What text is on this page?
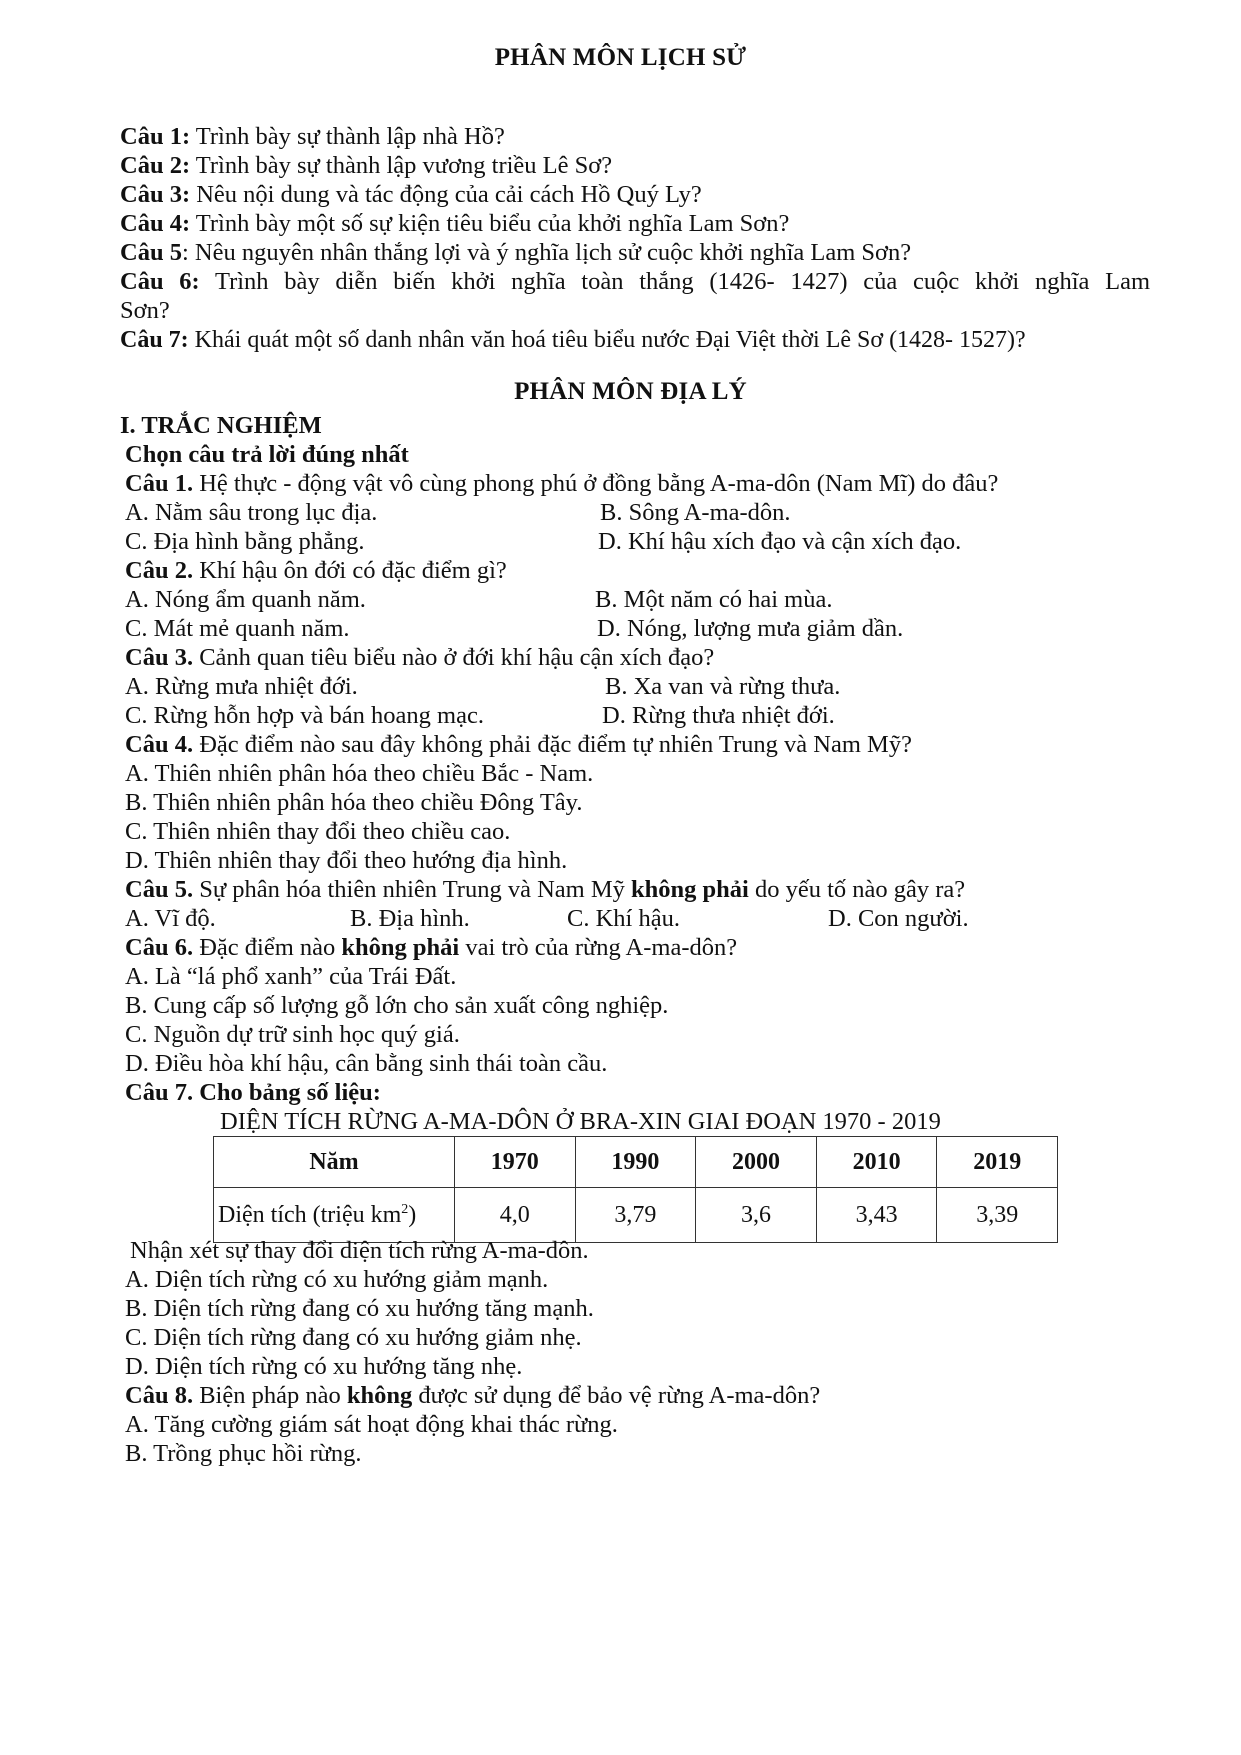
PHÂN MÔN LỊCH SỬ
Câu 1: Trình bày sự thành lập nhà Hồ?
Câu 2: Trình bày sự thành lập vương triều Lê Sơ?
Câu 3: Nêu nội dung và tác động của cải cách Hồ Quý Ly?
Câu 4: Trình bày một số sự kiện tiêu biểu của khởi nghĩa Lam Sơn?
Câu 5: Nêu nguyên nhân thắng lợi và ý nghĩa lịch sử cuộc khởi nghĩa Lam Sơn?
Câu 6: Trình bày diễn biến khởi nghĩa toàn thắng (1426- 1427) của cuộc khởi nghĩa Lam
Sơn?
Câu 7: Khái quát một số danh nhân văn hoá tiêu biểu nước Đại Việt thời Lê Sơ (1428- 1527)?
PHÂN MÔN ĐỊA LÝ
I. TRẮC NGHIỆM
Chọn câu trả lời đúng nhất
Câu 1. Hệ thực - động vật vô cùng phong phú ở đồng bằng A-ma-dôn (Nam Mĩ) do đâu?
A. Nằm sâu trong lục địa.	B. Sông A-ma-dôn.
C. Địa hình bằng phẳng.	D. Khí hậu xích đạo và cận xích đạo.
Câu 2. Khí hậu ôn đới có đặc điểm gì?
A. Nóng ẩm quanh năm.	B. Một năm có hai mùa.
C. Mát mẻ quanh năm.	D. Nóng, lượng mưa giảm dần.
Câu 3. Cảnh quan tiêu biểu nào ở đới khí hậu cận xích đạo?
A. Rừng mưa nhiệt đới.	B. Xa van và rừng thưa.
C. Rừng hỗn hợp và bán hoang mạc.	D. Rừng thưa nhiệt đới.
Câu 4. Đặc điểm nào sau đây không phải đặc điểm tự nhiên Trung và Nam Mỹ?
A. Thiên nhiên phân hóa theo chiều Bắc - Nam.
B. Thiên nhiên phân hóa theo chiều Đông Tây.
C. Thiên nhiên thay đổi theo chiều cao.
D. Thiên nhiên thay đổi theo hướng địa hình.
Câu 5. Sự phân hóa thiên nhiên Trung và Nam Mỹ không phải do yếu tố nào gây ra?
A. Vĩ độ.	B. Địa hình.	C. Khí hậu.	D. Con người.
Câu 6. Đặc điểm nào không phải vai trò của rừng A-ma-dôn?
A. Là “lá phổ xanh” của Trái Đất.
B. Cung cấp số lượng gỗ lớn cho sản xuất công nghiệp.
C. Nguồn dự trữ sinh học quý giá.
D. Điều hòa khí hậu, cân bằng sinh thái toàn cầu.
Câu 7. Cho bảng số liệu:
DIỆN TÍCH RỪNG A-MA-DÔN Ở BRA-XIN GIAI ĐOẠN 1970 - 2019
Năm	1970	1990	2000	2010	2019
Diện tích (triệu $km^2$)	4,0	3,79	3,6	3,43	3,39
Nhận xét sự thay đổi diện tích rừng A-ma-dôn.
A. Diện tích rừng có xu hướng giảm mạnh.
B. Diện tích rừng đang có xu hướng tăng mạnh.
C. Diện tích rừng đang có xu hướng giảm nhẹ.
D. Diện tích rừng có xu hướng tăng nhẹ.
Câu 8. Biện pháp nào không được sử dụng để bảo vệ rừng A-ma-dôn?
A. Tăng cường giám sát hoạt động khai thác rừng.
B. Trồng phục hồi rừng.
